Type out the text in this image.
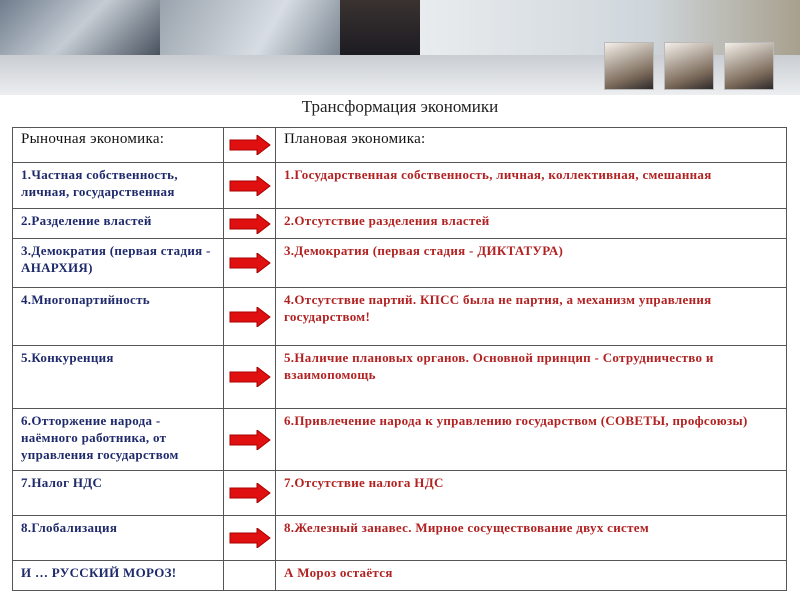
Трансформация экономики
Рыночная экономика:		Плановая экономика:
1.Частная собственность, личная, государственная		1.Государственная собственность, личная, коллективная, смешанная
2.Разделение властей		2.Отсутствие разделения властей
3.Демократия (первая стадия - АНАРХИЯ)		3.Демократия (первая стадия - ДИКТАТУРА)
4.Многопартийность		4.Отсутствие партий. КПСС была не партия, а механизм управления государством!
5.Конкуренция		5.Наличие плановых органов. Основной принцип - Сотрудничество и взаимопомощь
6.Отторжение народа - наёмного работника, от управления государством		6.Привлечение народа к управлению государством (СОВЕТЫ, профсоюзы)
7.Налог НДС		7.Отсутствие налога НДС
8.Глобализация		8.Железный занавес. Мирное сосуществование двух систем
И … РУССКИЙ МОРОЗ!		А Мороз остаётся
